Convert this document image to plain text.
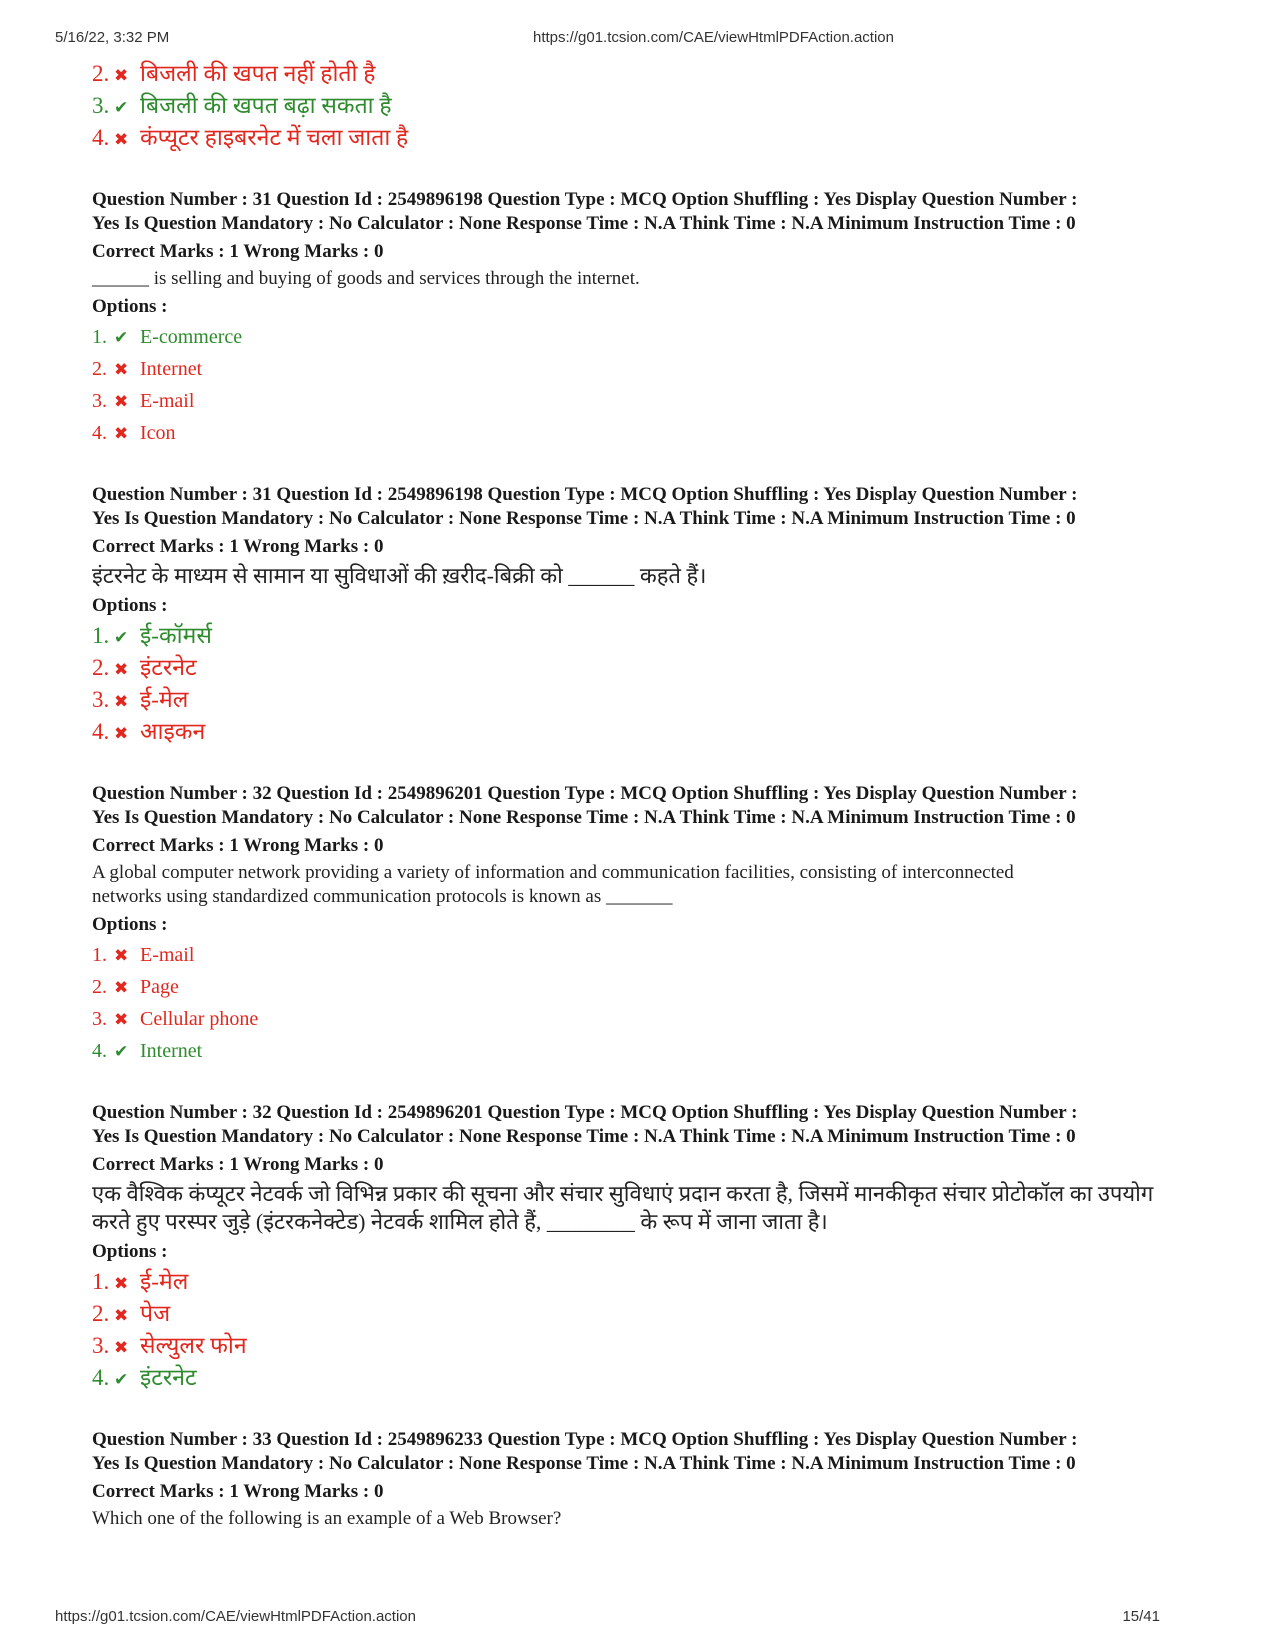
5/16/22, 3:32 PM	https://g01.tcsion.com/CAE/viewHtmlPDFAction.action
2. ✖ बिजली की खपत नहीं होती है
3. ✔ बिजली की खपत बढ़ा सकता है
4. ✖ कंप्यूटर हाइबरनेट में चला जाता है
Question Number : 31 Question Id : 2549896198 Question Type : MCQ Option Shuffling : Yes Display Question Number :
Yes Is Question Mandatory : No Calculator : None Response Time : N.A Think Time : N.A Minimum Instruction Time : 0
Correct Marks : 1 Wrong Marks : 0
______ is selling and buying of goods and services through the internet.
Options :
1. ✔ E-commerce
2. ✖ Internet
3. ✖ E-mail
4. ✖ Icon
Question Number : 31 Question Id : 2549896198 Question Type : MCQ Option Shuffling : Yes Display Question Number :
Yes Is Question Mandatory : No Calculator : None Response Time : N.A Think Time : N.A Minimum Instruction Time : 0
Correct Marks : 1 Wrong Marks : 0
इंटरनेट के माध्यम से सामान या सुविधाओं की ख़रीद-बिक्री को ______ कहते हैं।
Options :
1. ✔ ई-कॉमर्स
2. ✖ इंटरनेट
3. ✖ ई-मेल
4. ✖ आइकन
Question Number : 32 Question Id : 2549896201 Question Type : MCQ Option Shuffling : Yes Display Question Number :
Yes Is Question Mandatory : No Calculator : None Response Time : N.A Think Time : N.A Minimum Instruction Time : 0
Correct Marks : 1 Wrong Marks : 0
A global computer network providing a variety of information and communication facilities, consisting of interconnected
networks using standardized communication protocols is known as _______
Options :
1. ✖ E-mail
2. ✖ Page
3. ✖ Cellular phone
4. ✔ Internet
Question Number : 32 Question Id : 2549896201 Question Type : MCQ Option Shuffling : Yes Display Question Number :
Yes Is Question Mandatory : No Calculator : None Response Time : N.A Think Time : N.A Minimum Instruction Time : 0
Correct Marks : 1 Wrong Marks : 0
एक वैश्विक कंप्यूटर नेटवर्क जो विभिन्न प्रकार की सूचना और संचार सुविधाएं प्रदान करता है, जिसमें मानकीकृत संचार प्रोटोकॉल का उपयोग
करते हुए परस्पर जुड़े (इंटरकनेक्टेड) नेटवर्क शामिल होते हैं, ________ के रूप में जाना जाता है।
Options :
1. ✖ ई-मेल
2. ✖ पेज
3. ✖ सेल्युलर फोन
4. ✔ इंटरनेट
Question Number : 33 Question Id : 2549896233 Question Type : MCQ Option Shuffling : Yes Display Question Number :
Yes Is Question Mandatory : No Calculator : None Response Time : N.A Think Time : N.A Minimum Instruction Time : 0
Correct Marks : 1 Wrong Marks : 0
Which one of the following is an example of a Web Browser?
https://g01.tcsion.com/CAE/viewHtmlPDFAction.action	15/41
